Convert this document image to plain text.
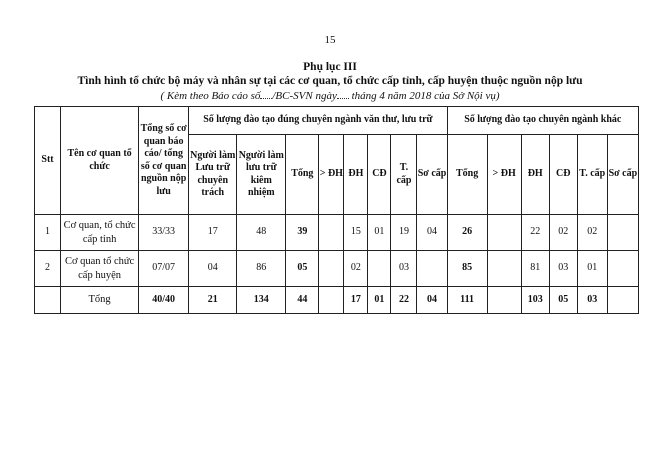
15
Phụ lục III
Tình hình tổ chức bộ máy và nhân sự tại các cơ quan, tổ chức cấp tỉnh, cấp huyện thuộc nguồn nộp lưu
( Kèm theo Báo cáo số /BC-SVN ngày tháng 4 năm 2018 của Sở Nội vụ)
Stt	Tên cơ quan tổ chức	Tổng số cơ quan báo cáo/ tổng số cơ quan nguồn nộp lưu	Số lượng đào tạo đúng chuyên ngành văn thư, lưu trữ								Số lượng đào tạo chuyên ngành khác					
			Người làm Lưu trữ chuyên trách	Người làm lưu trữ kiêm nhiệm	Tổng	> ĐH	ĐH	CĐ	T. cấp	Sơ cấp	Tổng	> ĐH	ĐH	CĐ	T. cấp	Sơ cấp
1	Cơ quan, tổ chức cấp tỉnh	33/33	17	48	39		15	01	19	04	26		22	02	02	
2	Cơ quan tổ chức cấp huyện	07/07	04	86	05		02		03		85		81	03	01	
	Tổng	40/40	21	134	44		17	01	22	04	111		103	05	03	
